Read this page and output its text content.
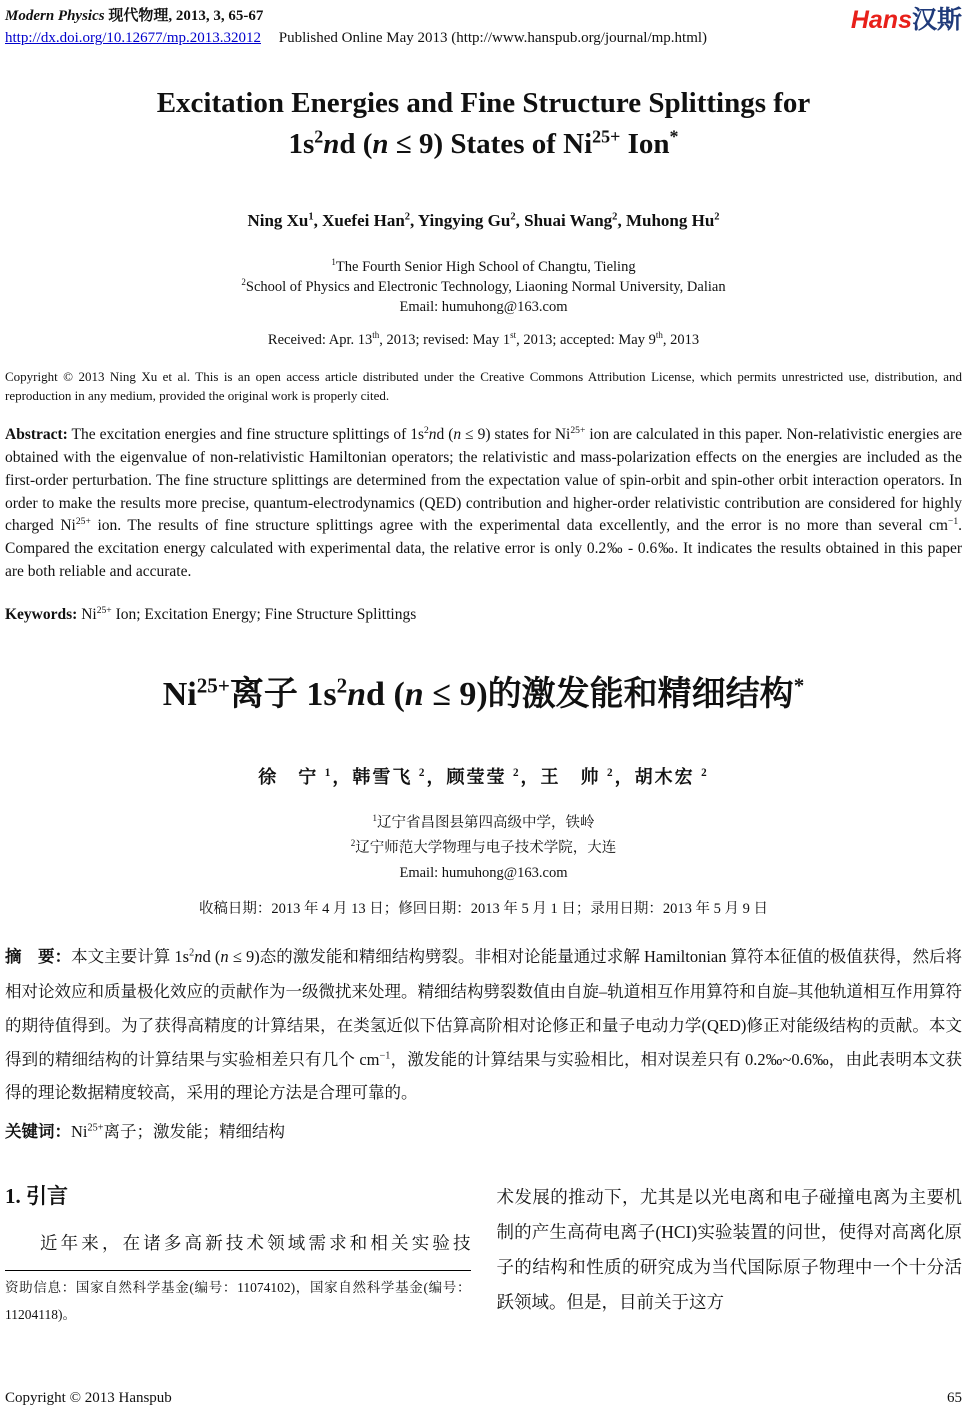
Modern Physics 现代物理, 2013, 3, 65-67
http://dx.doi.org/10.12677/mp.2013.32012 Published Online May 2013 (http://www.hanspub.org/journal/mp.html)
Hans汉斯
Excitation Energies and Fine Structure Splittings for
$1s^2nd$ (n ≤ 9) States of $Ni^{25+}$ Ion*
Ning Xu$^1$, Xuefei Han$^2$, Yingying Gu$^2$, Shuai Wang$^2$, Muhong Hu$^2$
$^1$The Fourth Senior High School of Changtu, Tieling
$^2$School of Physics and Electronic Technology, Liaoning Normal University, Dalian
Email: humuhong@163.com
Received: Apr. 13th, 2013; revised: May 1st, 2013; accepted: May 9th, 2013
Copyright © 2013 Ning Xu et al. This is an open access article distributed under the Creative Commons Attribution License, which permits unrestricted use, distribution, and reproduction in any medium, provided the original work is properly cited.
Abstract: The excitation energies and fine structure splittings of $1s^2nd$ (n ≤ 9) states for $Ni^{25+}$ ion are calculated in this paper. Non-relativistic energies are obtained with the eigenvalue of non-relativistic Hamiltonian operators; the relativistic and mass-polarization effects on the energies are included as the first-order perturbation. The fine structure splittings are determined from the expectation value of spin-orbit and spin-other orbit interaction operators. In order to make the results more precise, quantum-electrodynamics (QED) contribution and higher-order relativistic contribution are considered for highly charged $Ni^{25+}$ ion. The results of fine structure splittings agree with the experimental data excellently, and the error is no more than several $cm^{-1}$. Compared the excitation energy calculated with experimental data, the relative error is only 0.2‰ - 0.6‰. It indicates the results obtained in this paper are both reliable and accurate.
Keywords: $Ni^{25+}$ Ion; Excitation Energy; Fine Structure Splittings
$Ni^{25+}$离子 $1s^2nd$ (n ≤ 9)的激发能和精细结构*
徐　宁 $^1$，韩雪飞 $^2$，顾莹莹 $^2$，王　帅 $^2$，胡木宏 $^2$
$^1$辽宁省昌图县第四高级中学，铁岭
$^2$辽宁师范大学物理与电子技术学院，大连
Email: humuhong@163.com
收稿日期：2013 年 4 月 13 日；修回日期：2013 年 5 月 1 日；录用日期：2013 年 5 月 9 日
摘　要：本文主要计算 $1s^2nd$ (n ≤ 9)态的激发能和精细结构劈裂。非相对论能量通过求解 Hamiltonian 算符本征值的极值获得，然后将相对论效应和质量极化效应的贡献作为一级微扰来处理。精细结构劈裂数值由自旋–轨道相互作用算符和自旋–其他轨道相互作用算符的期待值得到。为了获得高精度的计算结果，在类氢近似下估算高阶相对论修正和量子电动力学(QED)修正对能级结构的贡献。本文得到的精细结构的计算结果与实验相差只有几个 $cm^{-1}$，激发能的计算结果与实验相比，相对误差只有 0.2‰~0.6‰，由此表明本文获得的理论数据精度较高，采用的理论方法是合理可靠的。
关键词：$Ni^{25+}$离子；激发能；精细结构
1. 引言
近年来，在诸多高新技术领域需求和相关实验技
资助信息：国家自然科学基金(编号：11074102)，国家自然科学基金(编号：11204118)。
术发展的推动下，尤其是以光电离和电子碰撞电离为主要机制的产生高荷电离子(HCI)实验装置的问世，使得对高离化原子的结构和性质的研究成为当代国际原子物理中一个十分活跃领域。但是，目前关于这方
Copyright © 2013 Hanspub	65
